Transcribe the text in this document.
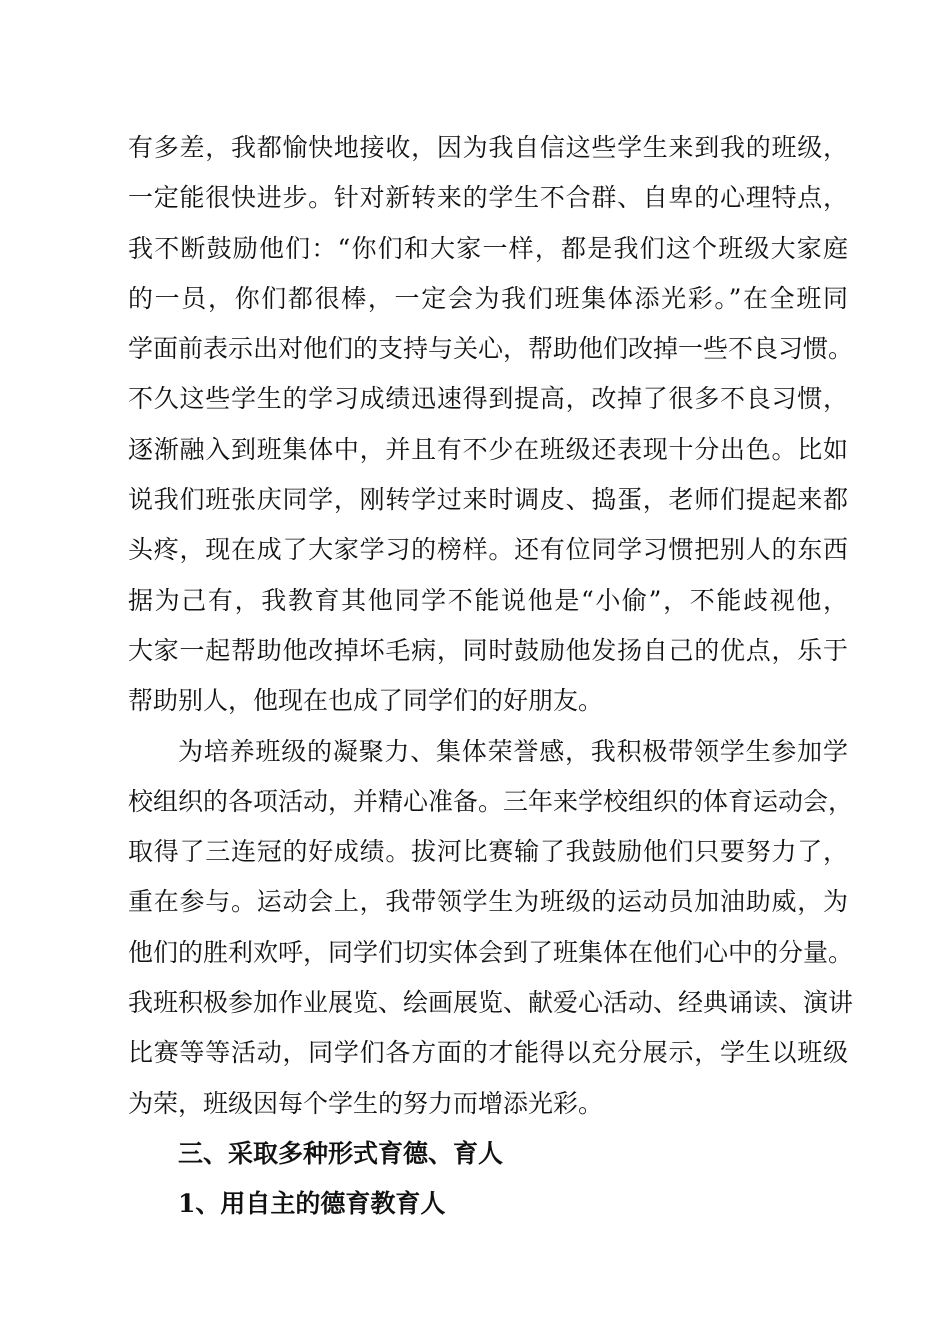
有多差，我都愉快地接收，因为我自信这些学生来到我的班级，
一定能很快进步。针对新转来的学生不合群、自卑的心理特点，
我不断鼓励他们：“你们和大家一样，都是我们这个班级大家庭
的一员，你们都很棒，一定会为我们班集体添光彩。”在全班同
学面前表示出对他们的支持与关心，帮助他们改掉一些不良习惯。
不久这些学生的学习成绩迅速得到提高，改掉了很多不良习惯，
逐渐融入到班集体中，并且有不少在班级还表现十分出色。比如
说我们班张庆同学，刚转学过来时调皮、捣蛋，老师们提起来都
头疼，现在成了大家学习的榜样。还有位同学习惯把别人的东西
据为己有，我教育其他同学不能说他是“小偷”，不能歧视他，
大家一起帮助他改掉坏毛病，同时鼓励他发扬自己的优点，乐于
帮助别人，他现在也成了同学们的好朋友。
为培养班级的凝聚力、集体荣誉感，我积极带领学生参加学
校组织的各项活动，并精心准备。三年来学校组织的体育运动会，
取得了三连冠的好成绩。拔河比赛输了我鼓励他们只要努力了，
重在参与。运动会上，我带领学生为班级的运动员加油助威，为
他们的胜利欢呼，同学们切实体会到了班集体在他们心中的分量。
我班积极参加作业展览、绘画展览、献爱心活动、经典诵读、演讲
比赛等等活动，同学们各方面的才能得以充分展示，学生以班级
为荣，班级因每个学生的努力而增添光彩。
三、采取多种形式育德、育人
1、用自主的德育教育人
